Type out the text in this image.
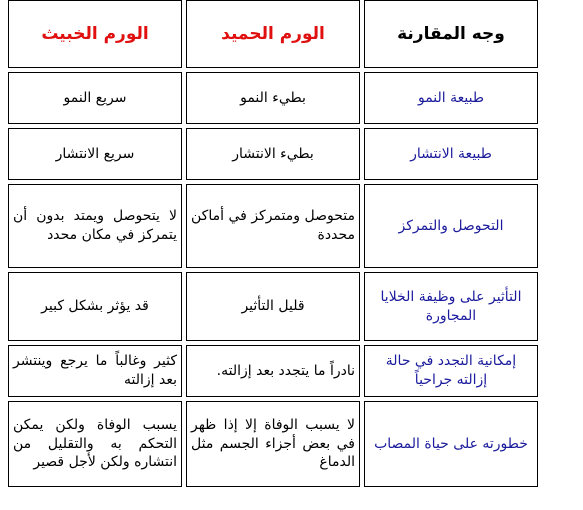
وجه المقارنة	الورم الحميد	الورم الخبيث
طبيعة النمو	بطيء النمو	سريع النمو
طبيعة الانتشار	بطيء الانتشار	سريع الانتشار
التحوصل والتمركز	متحوصل ومتمركز في أماكن محددة	لا يتحوصل ويمتد بدون أن يتمركز في مكان محدد
التأثير على وظيفة الخلايا المجاورة	قليل التأثير	قد يؤثر بشكل كبير
إمكانية التجدد في حالة إزالته جراحياً	نادراً ما يتجدد بعد إزالته.	كثير وغالباً ما يرجع وينتشر بعد إزالته
خطورته على حياة المصاب	لا يسبب الوفاة إلا إذا ظهر في بعض أجزاء الجسم مثل الدماغ	يسبب الوفاة ولكن يمكن التحكم به والتقليل من انتشاره ولكن لأجل قصير
